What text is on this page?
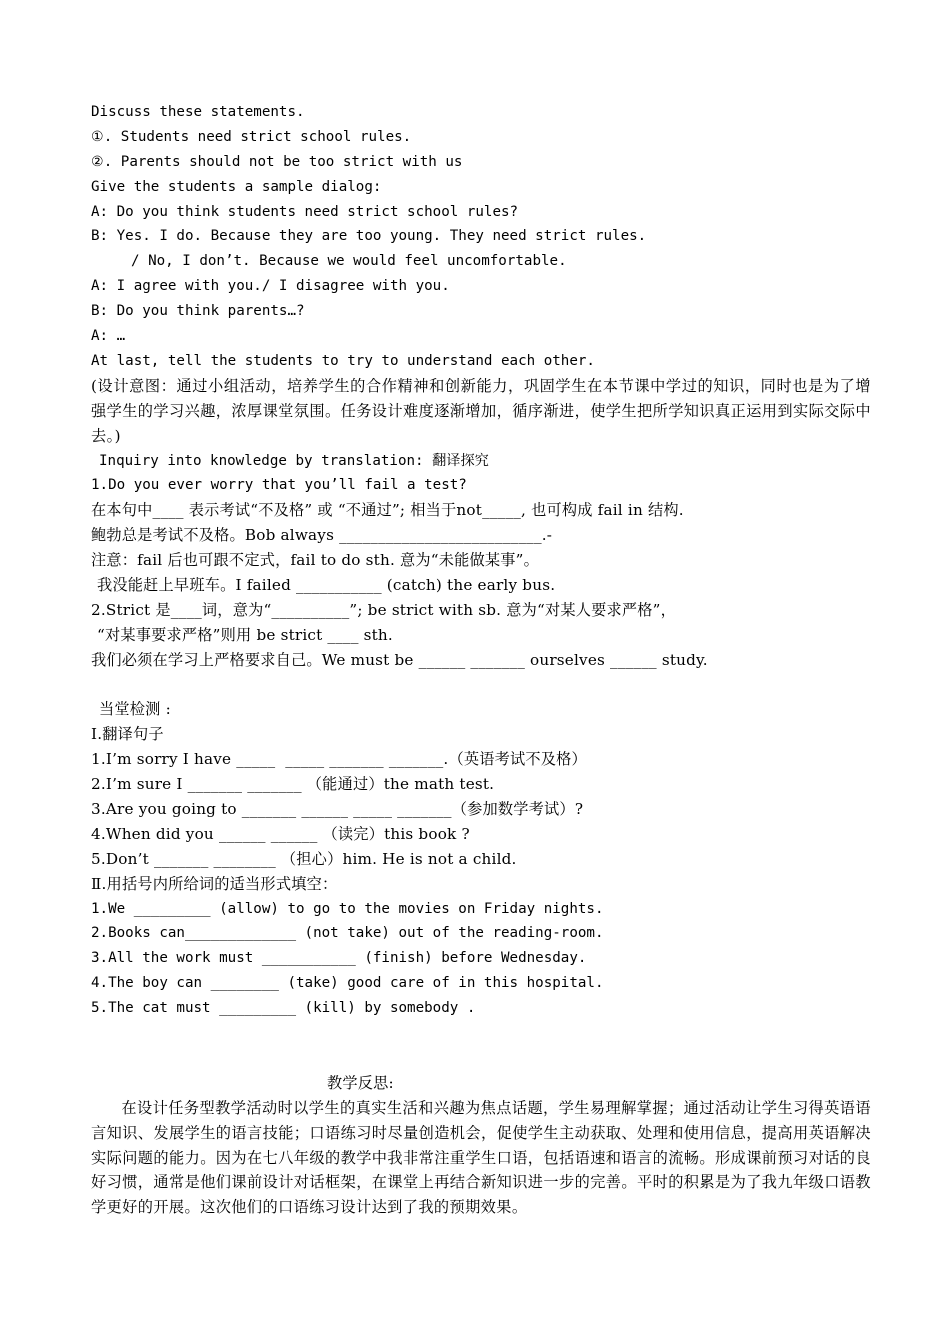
Discuss these statements.
①. Students need strict school rules.
②. Parents should not be too strict with us
Give the students a sample dialog:
A: Do you think students need strict school rules?
B: Yes. I do. Because they are too young. They need strict rules.
/ No, I don’t. Because we would feel uncomfortable.
A: I agree with you./ I disagree with you.
B: Do you think parents…?
A: …
At last, tell the students to try to understand each other.
(设计意图：通过小组活动，培养学生的合作精神和创新能力，巩固学生在本节课中学过的知识，同时也是为了增强学生的学习兴趣，浓厚课堂氛围。任务设计难度逐渐增加，循序渐进，使学生把所学知识真正运用到实际交际中去。)
Inquiry into knowledge by translation: 翻译探究
1.Do you ever worry that you’ll fail a test?
在本句中____ 表示考试“不及格” 或 “不通过”; 相当于not_____, 也可构成 fail in 结构.
鲍勃总是考试不及格。Bob always __________________________.-
注意：fail 后也可跟不定式，fail to do sth. 意为“未能做某事”。
我没能赶上早班车。I failed ___________ (catch) the early bus.
2.Strict 是____词，意为“__________”; be strict with sb. 意为“对某人要求严格”，
“对某事要求严格”则用 be strict ____ sth.
我们必须在学习上严格要求自己。We must be ______ _______ ourselves ______ study.
当堂检测 :
Ⅰ.翻译句子
1.I’m sorry I have _____  _____ _______ _______.（英语考试不及格）
2.I’m sure I _______ _______ （能通过）the math test.
3.Are you going to _______ ______ _____ _______（参加数学考试）?
4.When did you ______ ______ （读完）this book ?
5.Don’t _______ ________ （担心）him. He is not a child.
Ⅱ.用括号内所给词的适当形式填空：
1.We _________ (allow) to go to the movies on Friday nights.
2.Books can_____________ (not take) out of the reading-room.
3.All the work must ___________ (finish) before Wednesday.
4.The boy can ________ (take) good care of in this hospital.
5.The cat must _________ (kill) by somebody .
教学反思:
在设计任务型教学活动时以学生的真实生活和兴趣为焦点话题，学生易理解掌握；通过活动让学生习得英语语言知识、发展学生的语言技能；口语练习时尽量创造机会，促使学生主动获取、处理和使用信息，提高用英语解决实际问题的能力。因为在七八年级的教学中我非常注重学生口语，包括语速和语言的流畅。形成课前预习对话的良好习惯，通常是他们课前设计对话框架，在课堂上再结合新知识进一步的完善。平时的积累是为了我九年级口语教学更好的开展。这次他们的口语练习设计达到了我的预期效果。
